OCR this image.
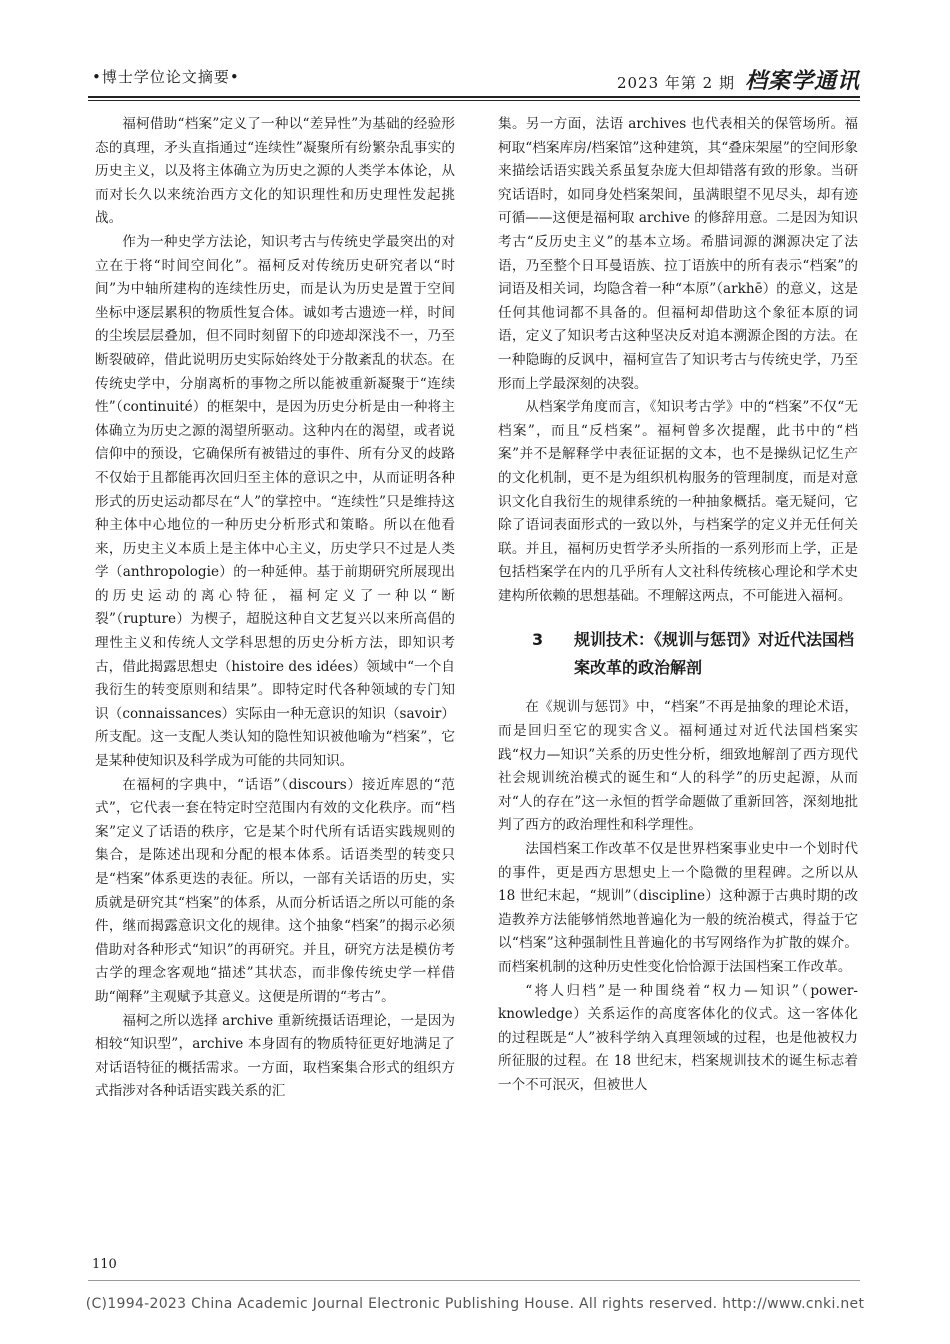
•博士学位论文摘要•	2023 年第 2 期 档案学通讯

福柯借助“档案”定义了一种以“差异性”为基础的经验形态的真理，矛头直指通过“连续性”凝聚所有纷繁杂乱事实的历史主义，以及将主体确立为历史之源的人类学本体论，从而对长久以来统治西方文化的知识理性和历史理性发起挑战。

作为一种史学方法论，知识考古与传统史学最突出的对立在于将“时间空间化”。福柯反对传统历史研究者以“时间”为中轴所建构的连续性历史，而是认为历史是置于空间坐标中逐层累积的物质性复合体。诚如考古遗迹一样，时间的尘埃层层叠加，但不同时刻留下的印迹却深浅不一，乃至断裂破碎，借此说明历史实际始终处于分散紊乱的状态。在传统史学中，分崩离析的事物之所以能被重新凝聚于“连续性”（continuité）的框架中，是因为历史分析是由一种将主体确立为历史之源的渴望所驱动。这种内在的渴望，或者说信仰中的预设，它确保所有被错过的事件、所有分叉的歧路不仅始于且都能再次回归至主体的意识之中，从而证明各种形式的历史运动都尽在“人”的掌控中。“连续性”只是维持这种主体中心地位的一种历史分析形式和策略。所以在他看来，历史主义本质上是主体中心主义，历史学只不过是人类学（anthropologie）的一种延伸。基于前期研究所展现出的历史运动的离心特征，福柯定义了一种以“断裂”（rupture）为楔子，超脱这种自文艺复兴以来所高倡的理性主义和传统人文学科思想的历史分析方法，即知识考古，借此揭露思想史（histoire des idées）领域中“一个自我衍生的转变原则和结果”。即特定时代各种领域的专门知识（connaissances）实际由一种无意识的知识（savoir）所支配。这一支配人类认知的隐性知识被他喻为“档案”，它是某种使知识及科学成为可能的共同知识。

在福柯的字典中，“话语”（discours）接近库恩的“范式”，它代表一套在特定时空范围内有效的文化秩序。而“档案”定义了话语的秩序，它是某个时代所有话语实践规则的集合，是陈述出现和分配的根本体系。话语类型的转变只是“档案”体系更迭的表征。所以，一部有关话语的历史，实质就是研究其“档案”的体系，从而分析话语之所以可能的条件，继而揭露意识文化的规律。这个抽象“档案”的揭示必须借助对各种形式“知识”的再研究。并且，研究方法是模仿考古学的理念客观地“描述”其状态，而非像传统史学一样借助“阐释”主观赋予其意义。这便是所谓的“考古”。

福柯之所以选择 archive 重新统摄话语理论，一是因为相较“知识型”，archive 本身固有的物质特征更好地满足了对话语特征的概括需求。一方面，取档案集合形式的组织方式指涉对各种话语实践关系的汇

集。另一方面，法语 archives 也代表相关的保管场所。福柯取“档案库房/档案馆”这种建筑，其“叠床架屋”的空间形象来描绘话语实践关系虽复杂庞大但却错落有致的形象。当研究话语时，如同身处档案架间，虽满眼望不见尽头，却有迹可循——这便是福柯取 archive 的修辞用意。二是因为知识考古“反历史主义”的基本立场。希腊词源的渊源决定了法语，乃至整个日耳曼语族、拉丁语族中的所有表示“档案”的词语及相关词，均隐含着一种“本原”（arkhē）的意义，这是任何其他词都不具备的。但福柯却借助这个象征本原的词语，定义了知识考古这种坚决反对追本溯源企图的方法。在一种隐晦的反讽中，福柯宣告了知识考古与传统史学，乃至形而上学最深刻的决裂。

从档案学角度而言，《知识考古学》中的“档案”不仅“无档案”，而且“反档案”。福柯曾多次提醒，此书中的“档案”并不是解释学中表征证据的文本，也不是操纵记忆生产的文化机制，更不是为组织机构服务的管理制度，而是对意识文化自我衍生的规律系统的一种抽象概括。毫无疑问，它除了语词表面形式的一致以外，与档案学的定义并无任何关联。并且，福柯历史哲学矛头所指的一系列形而上学，正是包括档案学在内的几乎所有人文社科传统核心理论和学术史建构所依赖的思想基础。不理解这两点，不可能进入福柯。

3	规训技术：《规训与惩罚》对近代法国档案改革的政治解剖

在《规训与惩罚》中，“档案”不再是抽象的理论术语，而是回归至它的现实含义。福柯通过对近代法国档案实践“权力—知识”关系的历史性分析，细致地解剖了西方现代社会规训统治模式的诞生和“人的科学”的历史起源，从而对“人的存在”这一永恒的哲学命题做了重新回答，深刻地批判了西方的政治理性和科学理性。

法国档案工作改革不仅是世界档案事业史中一个划时代的事件，更是西方思想史上一个隐微的里程碑。之所以从 18 世纪末起，“规训”（discipline）这种源于古典时期的改造教养方法能够悄然地普遍化为一般的统治模式，得益于它以“档案”这种强制性且普遍化的书写网络作为扩散的媒介。而档案机制的这种历史性变化恰恰源于法国档案工作改革。

“将人归档”是一种围绕着“权力—知识”（power-knowledge）关系运作的高度客体化的仪式。这一客体化的过程既是“人”被科学纳入真理领域的过程，也是他被权力所征服的过程。在 18 世纪末，档案规训技术的诞生标志着一个不可泯灭，但被世人

110
(C)1994-2023 China Academic Journal Electronic Publishing House. All rights reserved. http://www.cnki.net
